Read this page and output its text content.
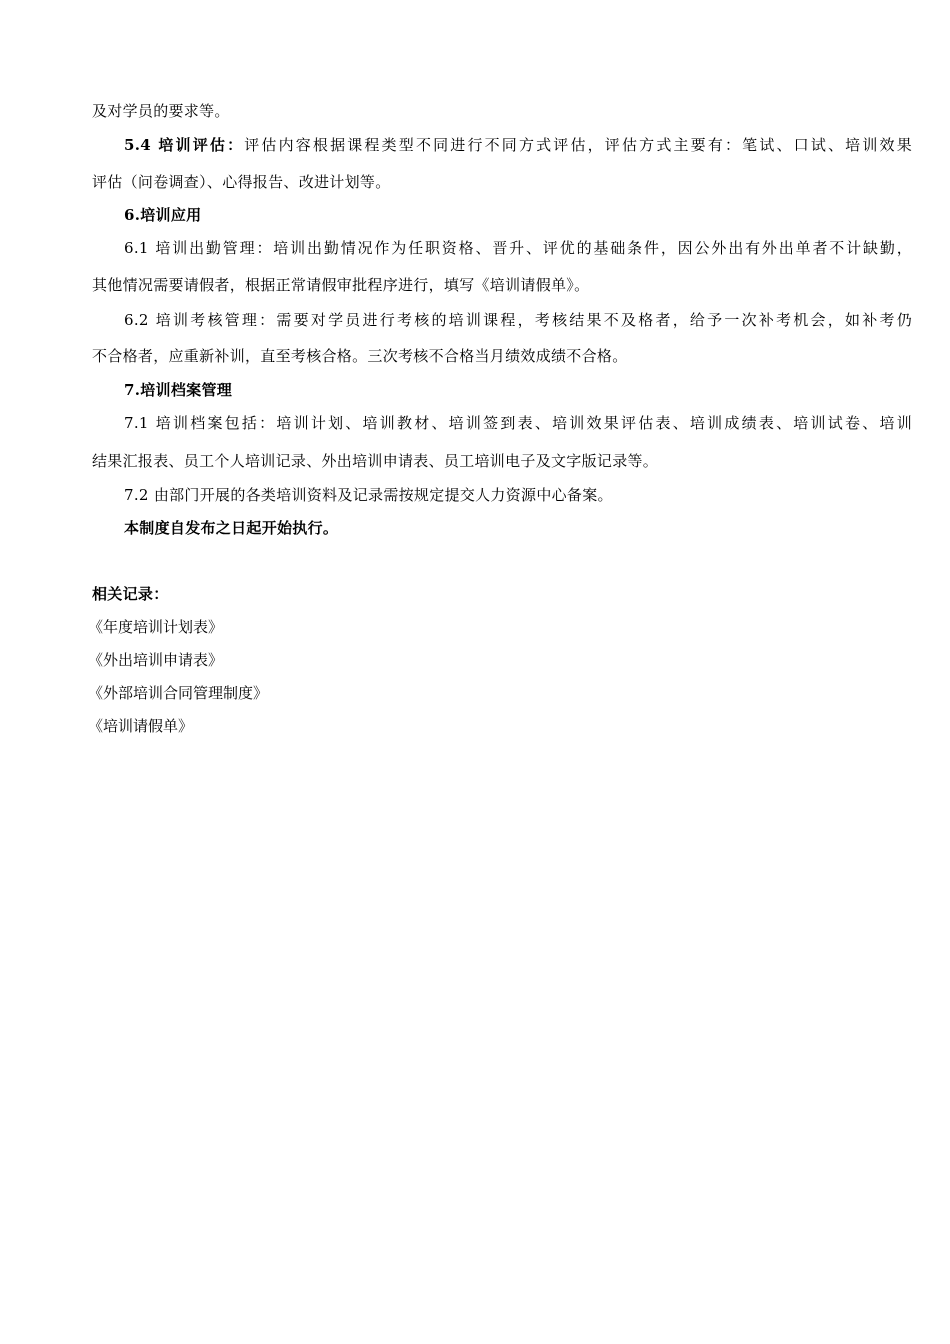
及对学员的要求等。
5.4 培训评估：评估内容根据课程类型不同进行不同方式评估，评估方式主要有：笔试、口试、培训效果
评估（问卷调查）、心得报告、改进计划等。
6.培训应用
6.1 培训出勤管理：培训出勤情况作为任职资格、晋升、评优的基础条件，因公外出有外出单者不计缺勤，
其他情况需要请假者，根据正常请假审批程序进行，填写《培训请假单》。
6.2 培训考核管理：需要对学员进行考核的培训课程，考核结果不及格者，给予一次补考机会，如补考仍
不合格者，应重新补训，直至考核合格。三次考核不合格当月绩效成绩不合格。
7.培训档案管理
7.1 培训档案包括：培训计划、培训教材、培训签到表、培训效果评估表、培训成绩表、培训试卷、培训
结果汇报表、员工个人培训记录、外出培训申请表、员工培训电子及文字版记录等。
7.2 由部门开展的各类培训资料及记录需按规定提交人力资源中心备案。
本制度自发布之日起开始执行。
相关记录：
《年度培训计划表》
《外出培训申请表》
《外部培训合同管理制度》
《培训请假单》
